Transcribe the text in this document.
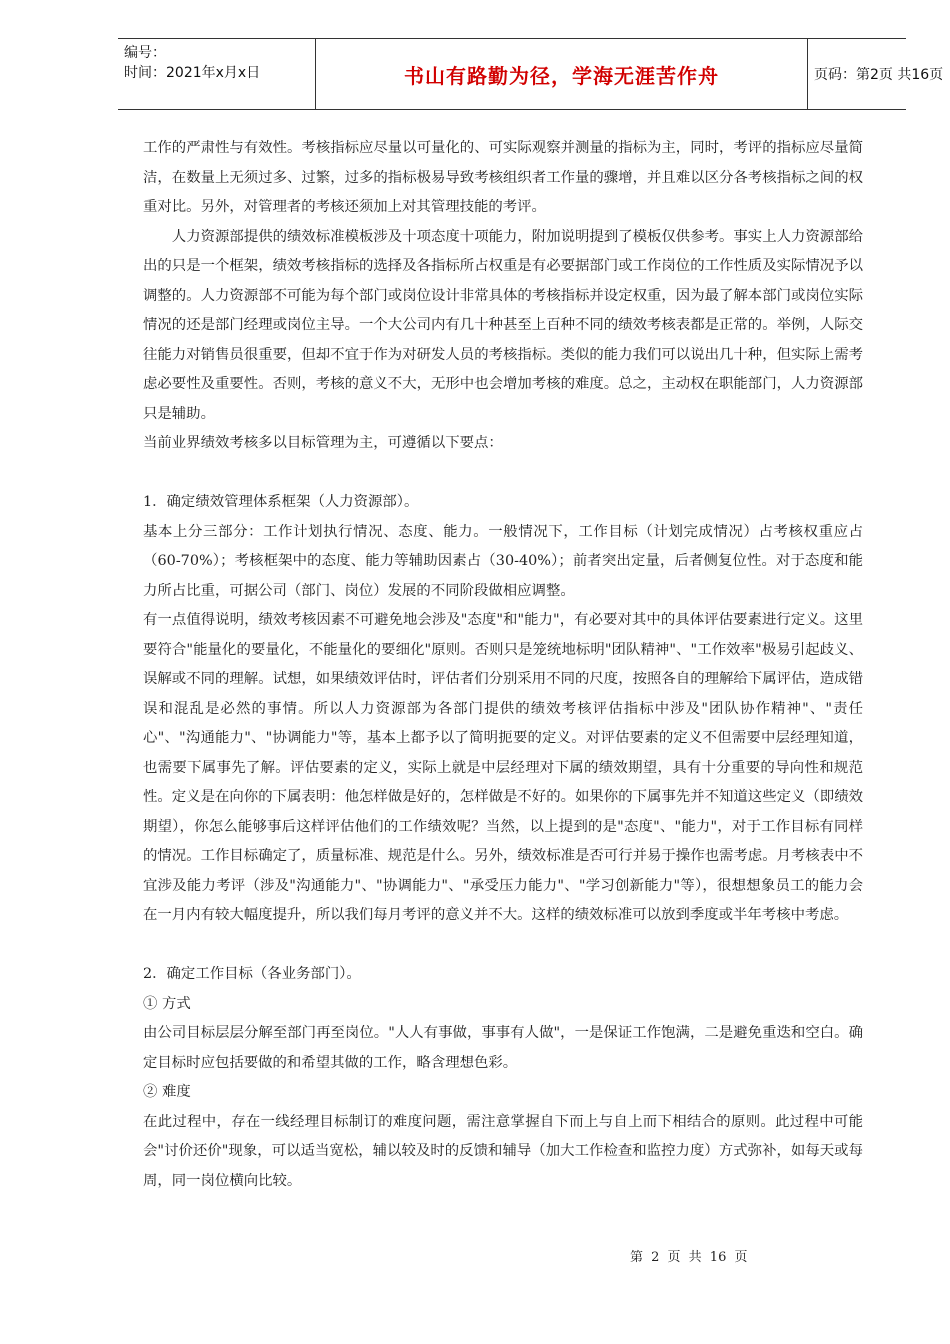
编号：
时间：2021年x月x日	书山有路勤为径，学海无涯苦作舟	页码：第2页 共16页

工作的严肃性与有效性。考核指标应尽量以可量化的、可实际观察并测量的指标为主，同时，考评的指标应尽量简洁，在数量上无须过多、过繁，过多的指标极易导致考核组织者工作量的骤增，并且难以区分各考核指标之间的权重对比。另外，对管理者的考核还须加上对其管理技能的考评。

人力资源部提供的绩效标准模板涉及十项态度十项能力，附加说明提到了模板仅供参考。事实上人力资源部给出的只是一个框架，绩效考核指标的选择及各指标所占权重是有必要据部门或工作岗位的工作性质及实际情况予以调整的。人力资源部不可能为每个部门或岗位设计非常具体的考核指标并设定权重，因为最了解本部门或岗位实际情况的还是部门经理或岗位主导。一个大公司内有几十种甚至上百种不同的绩效考核表都是正常的。举例，人际交往能力对销售员很重要，但却不宜于作为对研发人员的考核指标。类似的能力我们可以说出几十种，但实际上需考虑必要性及重要性。否则，考核的意义不大，无形中也会增加考核的难度。总之，主动权在职能部门，人力资源部只是辅助。

当前业界绩效考核多以目标管理为主，可遵循以下要点：

1．确定绩效管理体系框架（人力资源部）。

基本上分三部分：工作计划执行情况、态度、能力。一般情况下，工作目标（计划完成情况）占考核权重应占（60-70%）；考核框架中的态度、能力等辅助因素占（30-40%）；前者突出定量，后者侧复位性。对于态度和能力所占比重，可据公司（部门、岗位）发展的不同阶段做相应调整。

有一点值得说明，绩效考核因素不可避免地会涉及"态度"和"能力"，有必要对其中的具体评估要素进行定义。这里要符合"能量化的要量化，不能量化的要细化"原则。否则只是笼统地标明"团队精神"、"工作效率"极易引起歧义、误解或不同的理解。试想，如果绩效评估时，评估者们分别采用不同的尺度，按照各自的理解给下属评估，造成错误和混乱是必然的事情。所以人力资源部为各部门提供的绩效考核评估指标中涉及"团队协作精神"、"责任心"、"沟通能力"、"协调能力"等，基本上都予以了简明扼要的定义。对评估要素的定义不但需要中层经理知道，也需要下属事先了解。评估要素的定义，实际上就是中层经理对下属的绩效期望，具有十分重要的导向性和规范性。定义是在向你的下属表明：他怎样做是好的，怎样做是不好的。如果你的下属事先并不知道这些定义（即绩效期望），你怎么能够事后这样评估他们的工作绩效呢？当然，以上提到的是"态度"、"能力"，对于工作目标有同样的情况。工作目标确定了，质量标准、规范是什么。另外，绩效标准是否可行并易于操作也需考虑。月考核表中不宜涉及能力考评（涉及"沟通能力"、"协调能力"、"承受压力能力"、"学习创新能力"等），很想想象员工的能力会在一月内有较大幅度提升，所以我们每月考评的意义并不大。这样的绩效标准可以放到季度或半年考核中考虑。

2．确定工作目标（各业务部门）。

① 方式

由公司目标层层分解至部门再至岗位。"人人有事做，事事有人做"，一是保证工作饱满，二是避免重迭和空白。确定目标时应包括要做的和希望其做的工作，略含理想色彩。

② 难度

在此过程中，存在一线经理目标制订的难度问题，需注意掌握自下而上与自上而下相结合的原则。此过程中可能会"讨价还价"现象，可以适当宽松，辅以较及时的反馈和辅导（加大工作检查和监控力度）方式弥补，如每天或每周，同一岗位横向比较。

第 2 页 共 16 页
